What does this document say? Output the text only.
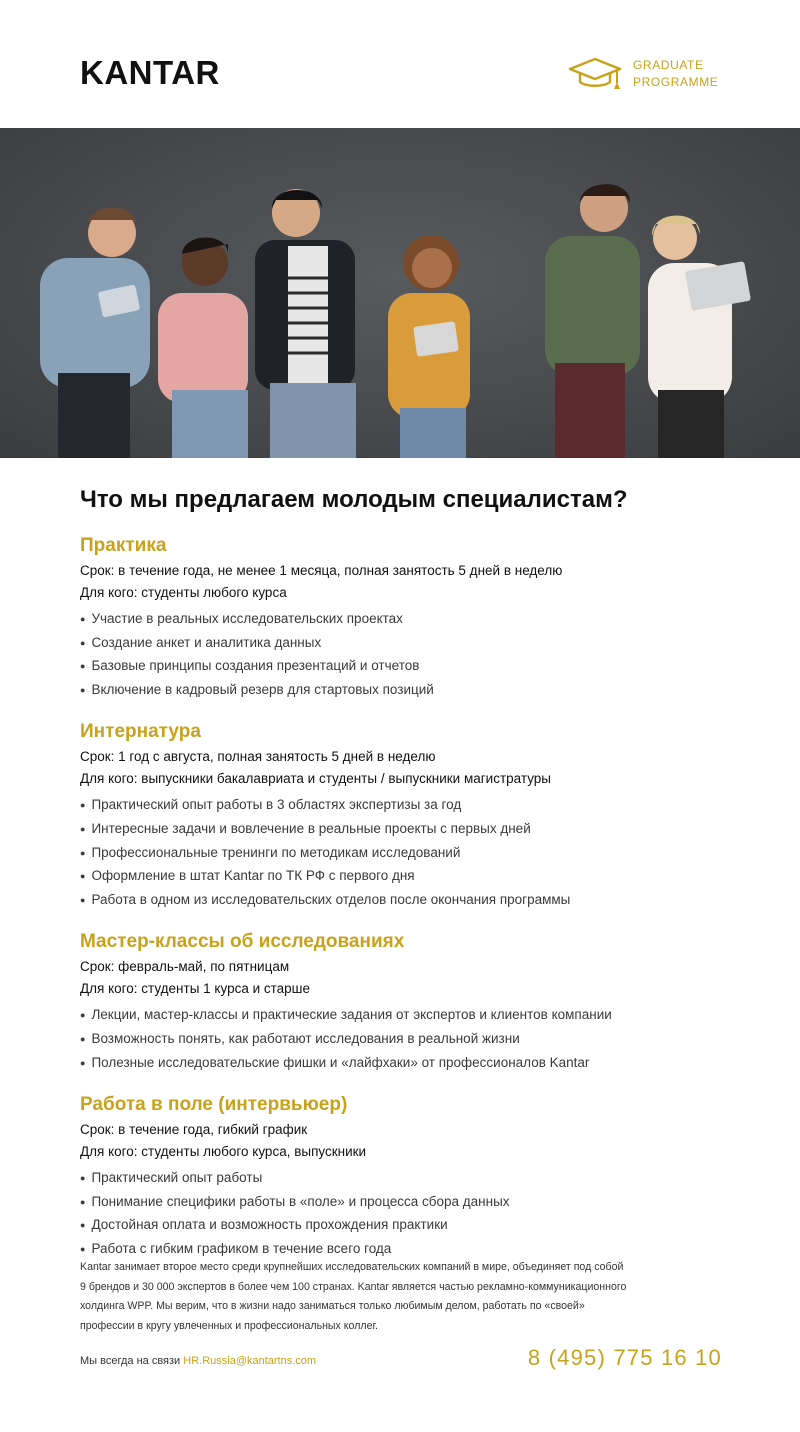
KANTAR	GRADUATE
PROGRAMME
Что мы предлагаем молодым специалистам?
Практика

Срок: в течение года, не менее 1 месяца, полная занятость 5 дней в неделю

Для кого: студенты любого курса

● Участие в реальных исследовательских проектах
● Создание анкет и аналитика данных
● Базовые принципы создания презентаций и отчетов
● Включение в кадровый резерв для стартовых позиций
Интернатура

Срок: 1 год с августа, полная занятость 5 дней в неделю

Для кого: выпускники бакалавриата и студенты / выпускники магистратуры

● Практический опыт работы в 3 областях экспертизы за год
● Интересные задачи и вовлечение в реальные проекты с первых дней
● Профессиональные тренинги по методикам исследований
● Оформление в штат Kantar по ТК РФ с первого дня
● Работа в одном из исследовательских отделов после окончания программы
Мастер-классы об исследованиях

Срок: февраль-май, по пятницам

Для кого: студенты 1 курса и старше

● Лекции, мастер-классы и практические задания от экспертов и клиентов компании
● Возможность понять, как работают исследования в реальной жизни
● Полезные исследовательские фишки и «лайфхаки» от профессионалов Kantar
Работа в поле (интервьюер)

Срок: в течение года, гибкий график

Для кого: студенты любого курса, выпускники

● Практический опыт работы
● Понимание специфики работы в «поле» и процесса сбора данных
● Достойная оплата и возможность прохождения практики
● Работа с гибким графиком в течение всего года
Kantar занимает второе место среди крупнейших исследовательских компаний в мире, объединяет под собой
9 брендов и 30 000 экспертов в более чем 100 странах. Kantar является частью рекламно-коммуникационного
холдинга WPP. Мы верим, что в жизни надо заниматься только любимым делом, работать по «своей»
профессии в кругу увлеченных и профессиональных коллег.
Мы всегда на связи HR.Russia@kantartns.com	8 (495) 775 16 10
